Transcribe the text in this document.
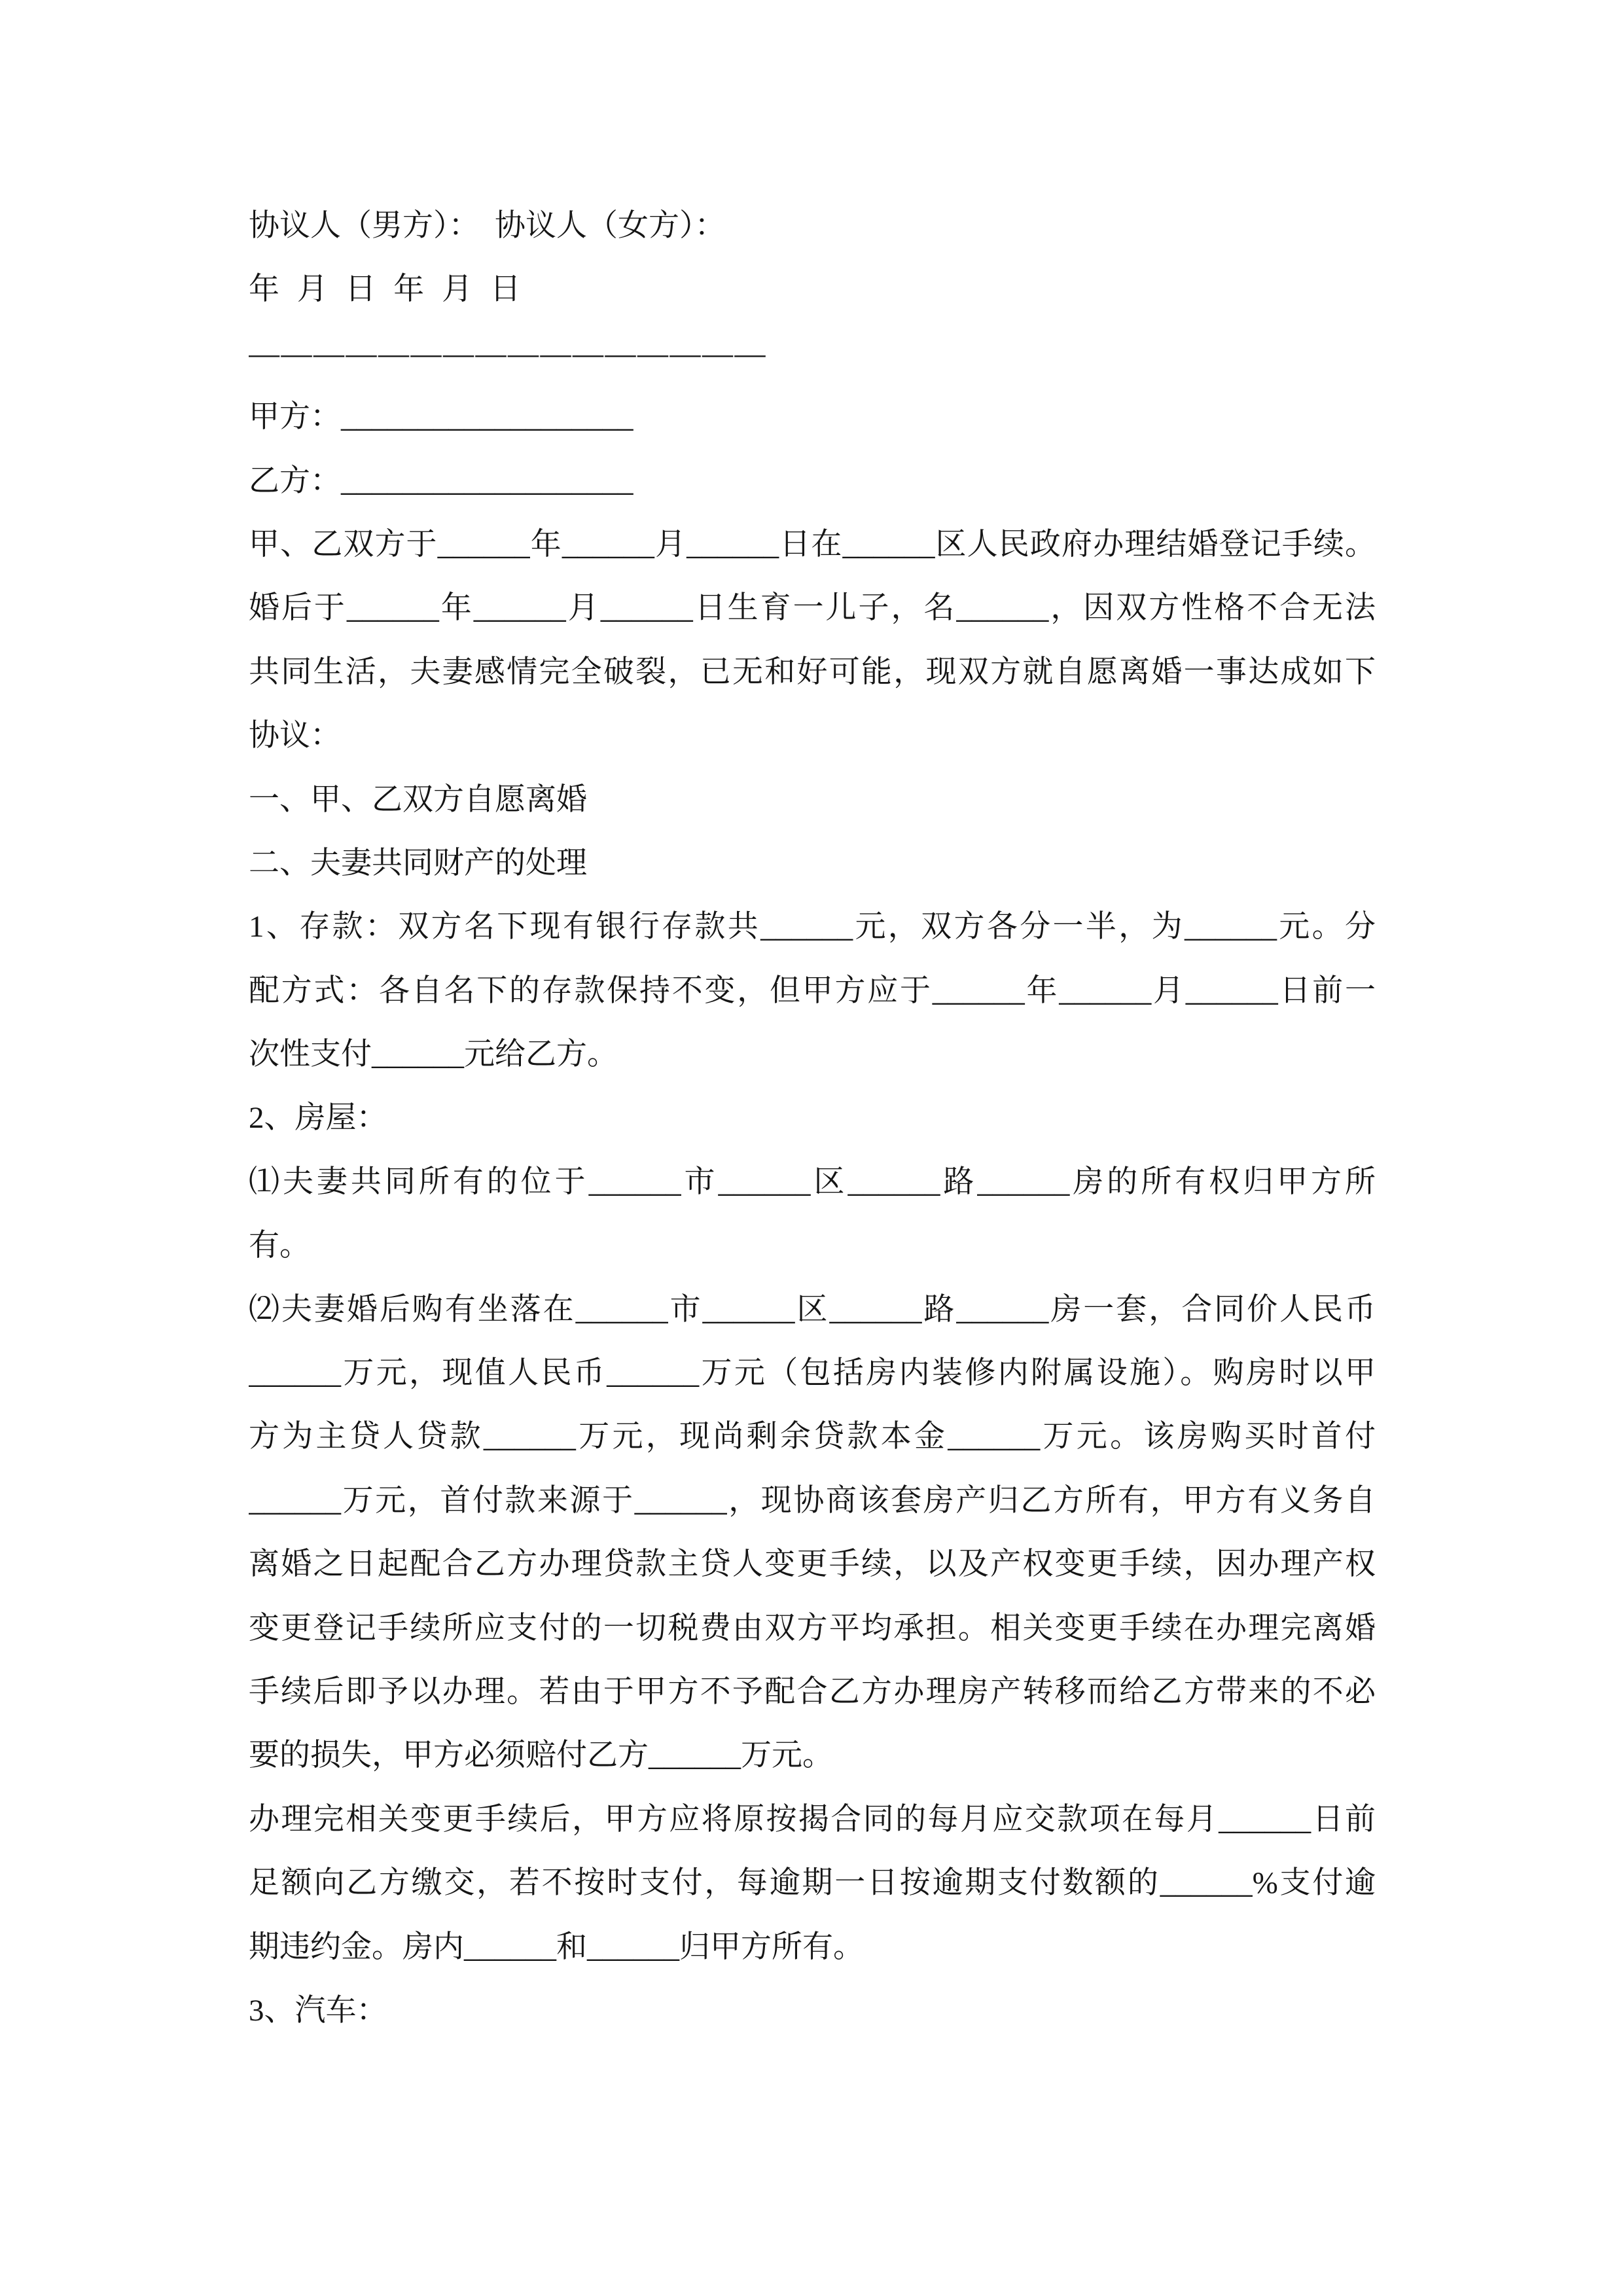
协议人（男方）：  协议人（女方）：
年 月 日 年 月 日
————————————————
甲方：___________________
乙方：___________________
甲、乙双方于______年______月______日在______区人民政府办理结婚登记手续。
婚后于______年______月______日生育一儿子，名______，因双方性格不合无法
共同生活，夫妻感情完全破裂，已无和好可能，现双方就自愿离婚一事达成如下
协议：
一、甲、乙双方自愿离婚
二、夫妻共同财产的处理
1、存款：双方名下现有银行存款共______元，双方各分一半，为______元。分
配方式：各自名下的存款保持不变，但甲方应于______年______月______日前一
次性支付______元给乙方。
2、房屋：
⑴夫妻共同所有的位于______市______区______路______房的所有权归甲方所
有。
⑵夫妻婚后购有坐落在______市______区______路______房一套，合同价人民币
______万元，现值人民币______万元（包括房内装修内附属设施）。购房时以甲
方为主贷人贷款______万元，现尚剩余贷款本金______万元。该房购买时首付
______万元，首付款来源于______，现协商该套房产归乙方所有，甲方有义务自
离婚之日起配合乙方办理贷款主贷人变更手续，以及产权变更手续，因办理产权
变更登记手续所应支付的一切税费由双方平均承担。相关变更手续在办理完离婚
手续后即予以办理。若由于甲方不予配合乙方办理房产转移而给乙方带来的不必
要的损失，甲方必须赔付乙方______万元。
办理完相关变更手续后，甲方应将原按揭合同的每月应交款项在每月______日前
足额向乙方缴交，若不按时支付，每逾期一日按逾期支付数额的______%支付逾
期违约金。房内______和______归甲方所有。
3、汽车：
